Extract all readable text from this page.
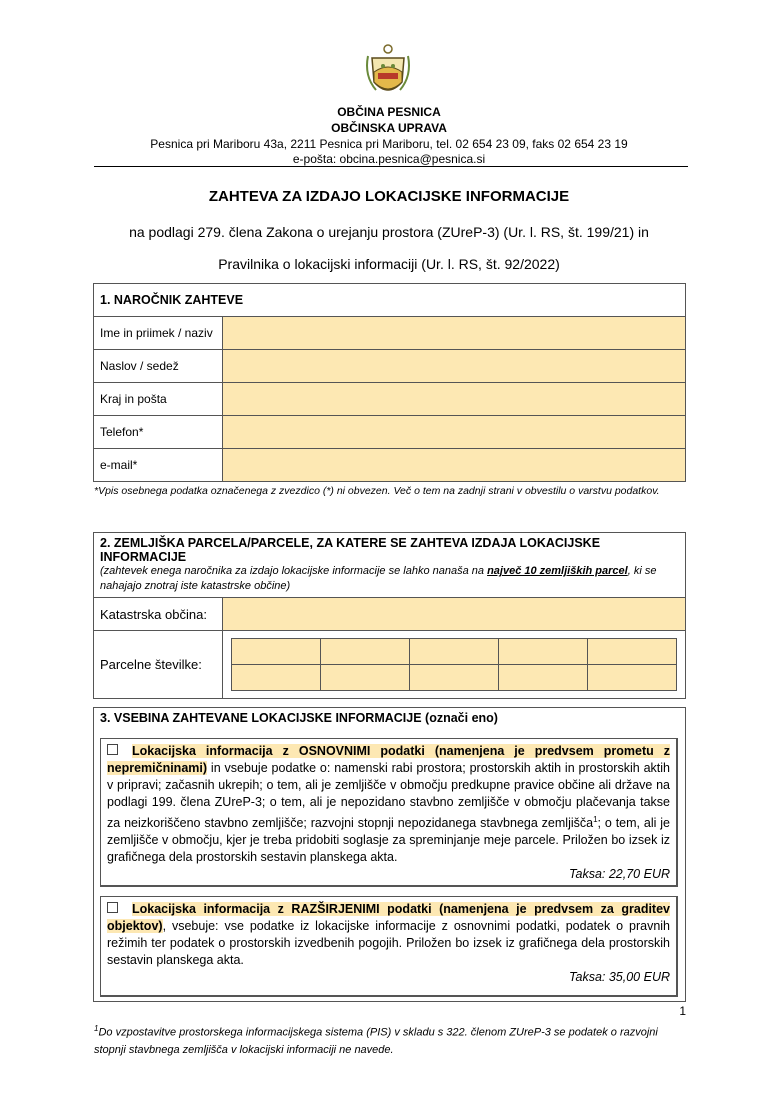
OBČINA PESNICA
OBČINSKA UPRAVA
Pesnica pri Mariboru 43a, 2211 Pesnica pri Mariboru, tel. 02 654 23 09, faks 02 654 23 19
e-pošta: obcina.pesnica@pesnica.si
ZAHTEVA ZA IZDAJO LOKACIJSKE INFORMACIJE
na podlagi 279. člena Zakona o urejanju prostora (ZUreP-3) (Ur. l. RS, št. 199/21) in
Pravilnika o lokacijski informaciji (Ur. l. RS, št. 92/2022)
1. NAROČNIK ZAHTEVE	
Ime in priimek / naziv	
Naslov / sedež	
Kraj in pošta	
Telefon*	
e-mail*	
*Vpis osebnega podatka označenega z zvezdico (*) ni obvezen. Več o tem na zadnji strani v obvestilu o varstvu podatkov.
2. ZEMLJIŠKA PARCELA/PARCELE, ZA KATERE SE ZAHTEVA IZDAJA LOKACIJSKE INFORMACIJE
(zahtevek enega naročnika za izdajo lokacijske informacije se lahko nanaša na največ 10 zemljiških parcel, ki se nahajajo znotraj iste katastrske občine)

Katastrska občina:	
Parcelne številke:	

3. VSEBINA ZAHTEVANE LOKACIJSKE INFORMACIJE (označi eno)
Lokacijska informacija z OSNOVNIMI podatki (namenjena je predvsem prometu z nepremičninami) in vsebuje podatke o: namenski rabi prostora; prostorskih aktih in prostorskih aktih v pripravi; začasnih ukrepih; o tem, ali je zemljišče v območju predkupne pravice občine ali države na podlagi 199. člena ZUreP-3; o tem, ali je nepozidano stavbno zemljišče v območju plačevanja takse za neizkoriščeno stavbno zemljišče; razvojni stopnji nepozidanega stavbnega zemljišča$^1$; o tem, ali je zemljišče v območju, kjer je treba pridobiti soglasje za spreminjanje meje parcele. Priložen bo izsek iz grafičnega dela prostorskih sestavin planskega akta.
Taksa: 22,70 EUR
Lokacijska informacija z RAZŠIRJENIMI podatki (namenjena je predvsem za graditev objektov), vsebuje: vse podatke iz lokacijske informacije z osnovnimi podatki, podatek o pravnih režimih ter podatek o prostorskih izvedbenih pogojih. Priložen bo izsek iz grafičnega dela prostorskih sestavin planskega akta.
Taksa: 35,00 EUR
1
$^1$Do vzpostavitve prostorskega informacijskega sistema (PIS) v skladu s 322. členom ZUreP-3 se podatek o razvojni stopnji stavbnega zemljišča v lokacijski informaciji ne navede.
